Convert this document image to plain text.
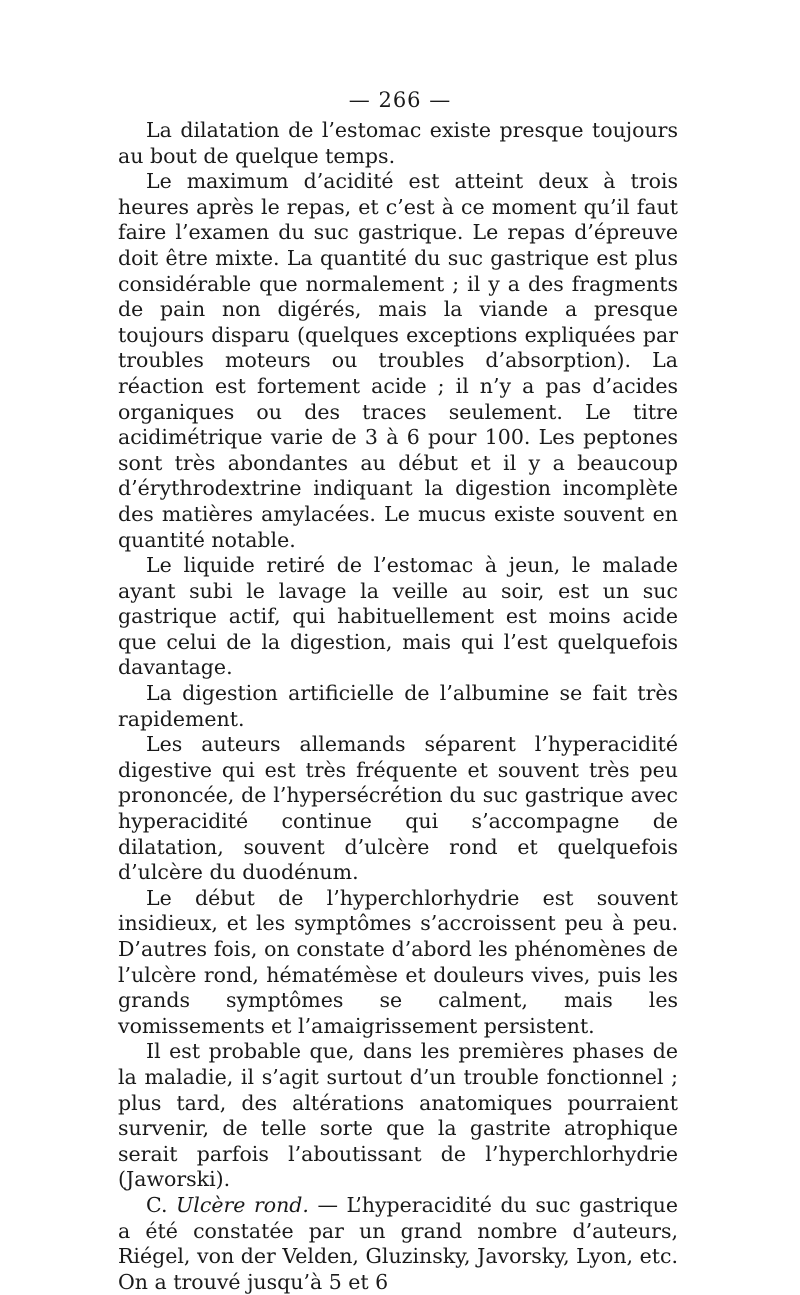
— 266 —

La dilatation de l’estomac existe presque toujours au bout de quelque temps.

Le maximum d’acidité est atteint deux à trois heures après le repas, et c’est à ce moment qu’il faut faire l’examen du suc gastrique. Le repas d’épreuve doit être mixte. La quantité du suc gastrique est plus considérable que normalement ; il y a des fragments de pain non digérés, mais la viande a presque toujours disparu (quelques exceptions expliquées par troubles moteurs ou troubles d’absorption). La réaction est fortement acide ; il n’y a pas d’acides organiques ou des traces seulement. Le titre acidimétrique varie de 3 à 6 pour 100. Les peptones sont très abondantes au début et il y a beaucoup d’érythrodextrine indiquant la digestion incomplète des matières amylacées. Le mucus existe souvent en quantité notable.

Le liquide retiré de l’estomac à jeun, le malade ayant subi le lavage la veille au soir, est un suc gastrique actif, qui habituellement est moins acide que celui de la digestion, mais qui l’est quelquefois davantage.

La digestion artificielle de l’albumine se fait très rapidement.

Les auteurs allemands séparent l’hyperacidité digestive qui est très fréquente et souvent très peu prononcée, de l’hypersécrétion du suc gastrique avec hyperacidité continue qui s’accompagne de dilatation, souvent d’ulcère rond et quelquefois d’ulcère du duodénum.

Le début de l’hyperchlorhydrie est souvent insidieux, et les symptômes s’accroissent peu à peu. D’autres fois, on constate d’abord les phénomènes de l’ulcère rond, hématémèse et douleurs vives, puis les grands symptômes se calment, mais les vomissements et l’amaigrissement persistent.

Il est probable que, dans les premières phases de la maladie, il s’agit surtout d’un trouble fonctionnel ; plus tard, des altérations anatomiques pourraient survenir, de telle sorte que la gastrite atrophique serait parfois l’aboutissant de l’hyperchlorhydrie (Jaworski).

C. Ulcère rond. — L’hyperacidité du suc gastrique a été constatée par un grand nombre d’auteurs, Riégel, von der Velden, Gluzinsky, Javorsky, Lyon, etc. On a trouvé jusqu’à 5 et 6
